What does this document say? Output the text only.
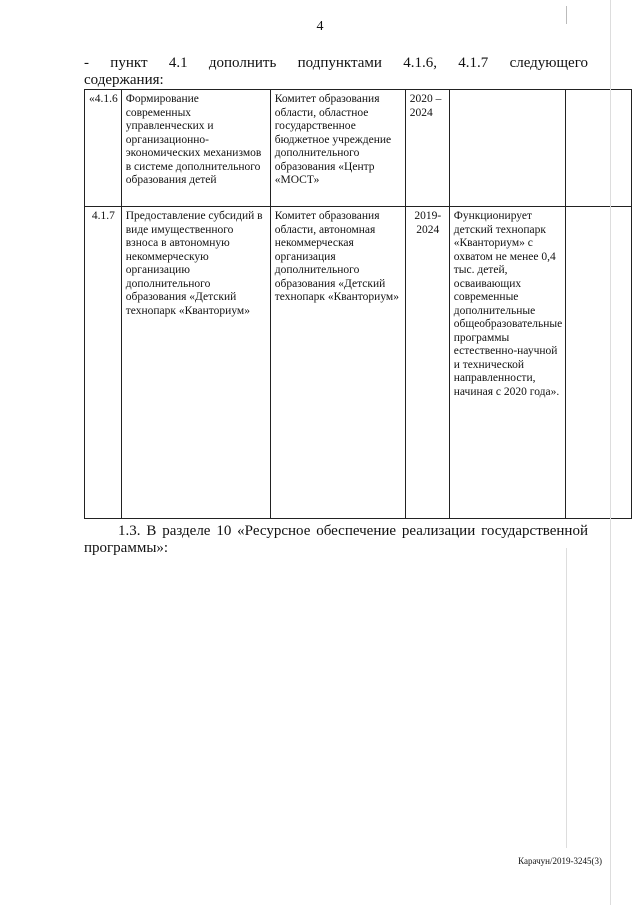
4
- пункт 4.1 дополнить подпунктами 4.1.6, 4.1.7 следующего
содержания:
«4.1.6	Формирование современных управленческих и организационно-экономических механизмов в системе дополнительного образования детей	Комитет образования области, областное государственное бюджетное учреждение дополнительного образования «Центр «МОСТ»	2020 – 2024		
4.1.7	Предоставление субсидий в виде имущественного взноса в автономную некоммерческую организацию дополнительного образования «Детский технопарк «Кванториум»	Комитет образования области, автономная некоммерческая организация дополнительного образования «Детский технопарк «Кванториум»	2019-2024	Функционирует детский технопарк «Кванториум» с охватом не менее 0,4 тыс. детей, осваивающих современные дополнительные общеобразовательные программы естественно-научной и технической направленности, начиная с 2020 года».	
1.3. В разделе 10 «Ресурсное обеспечение реализации государственной
программы»:
Карачун/2019-3245(3)
